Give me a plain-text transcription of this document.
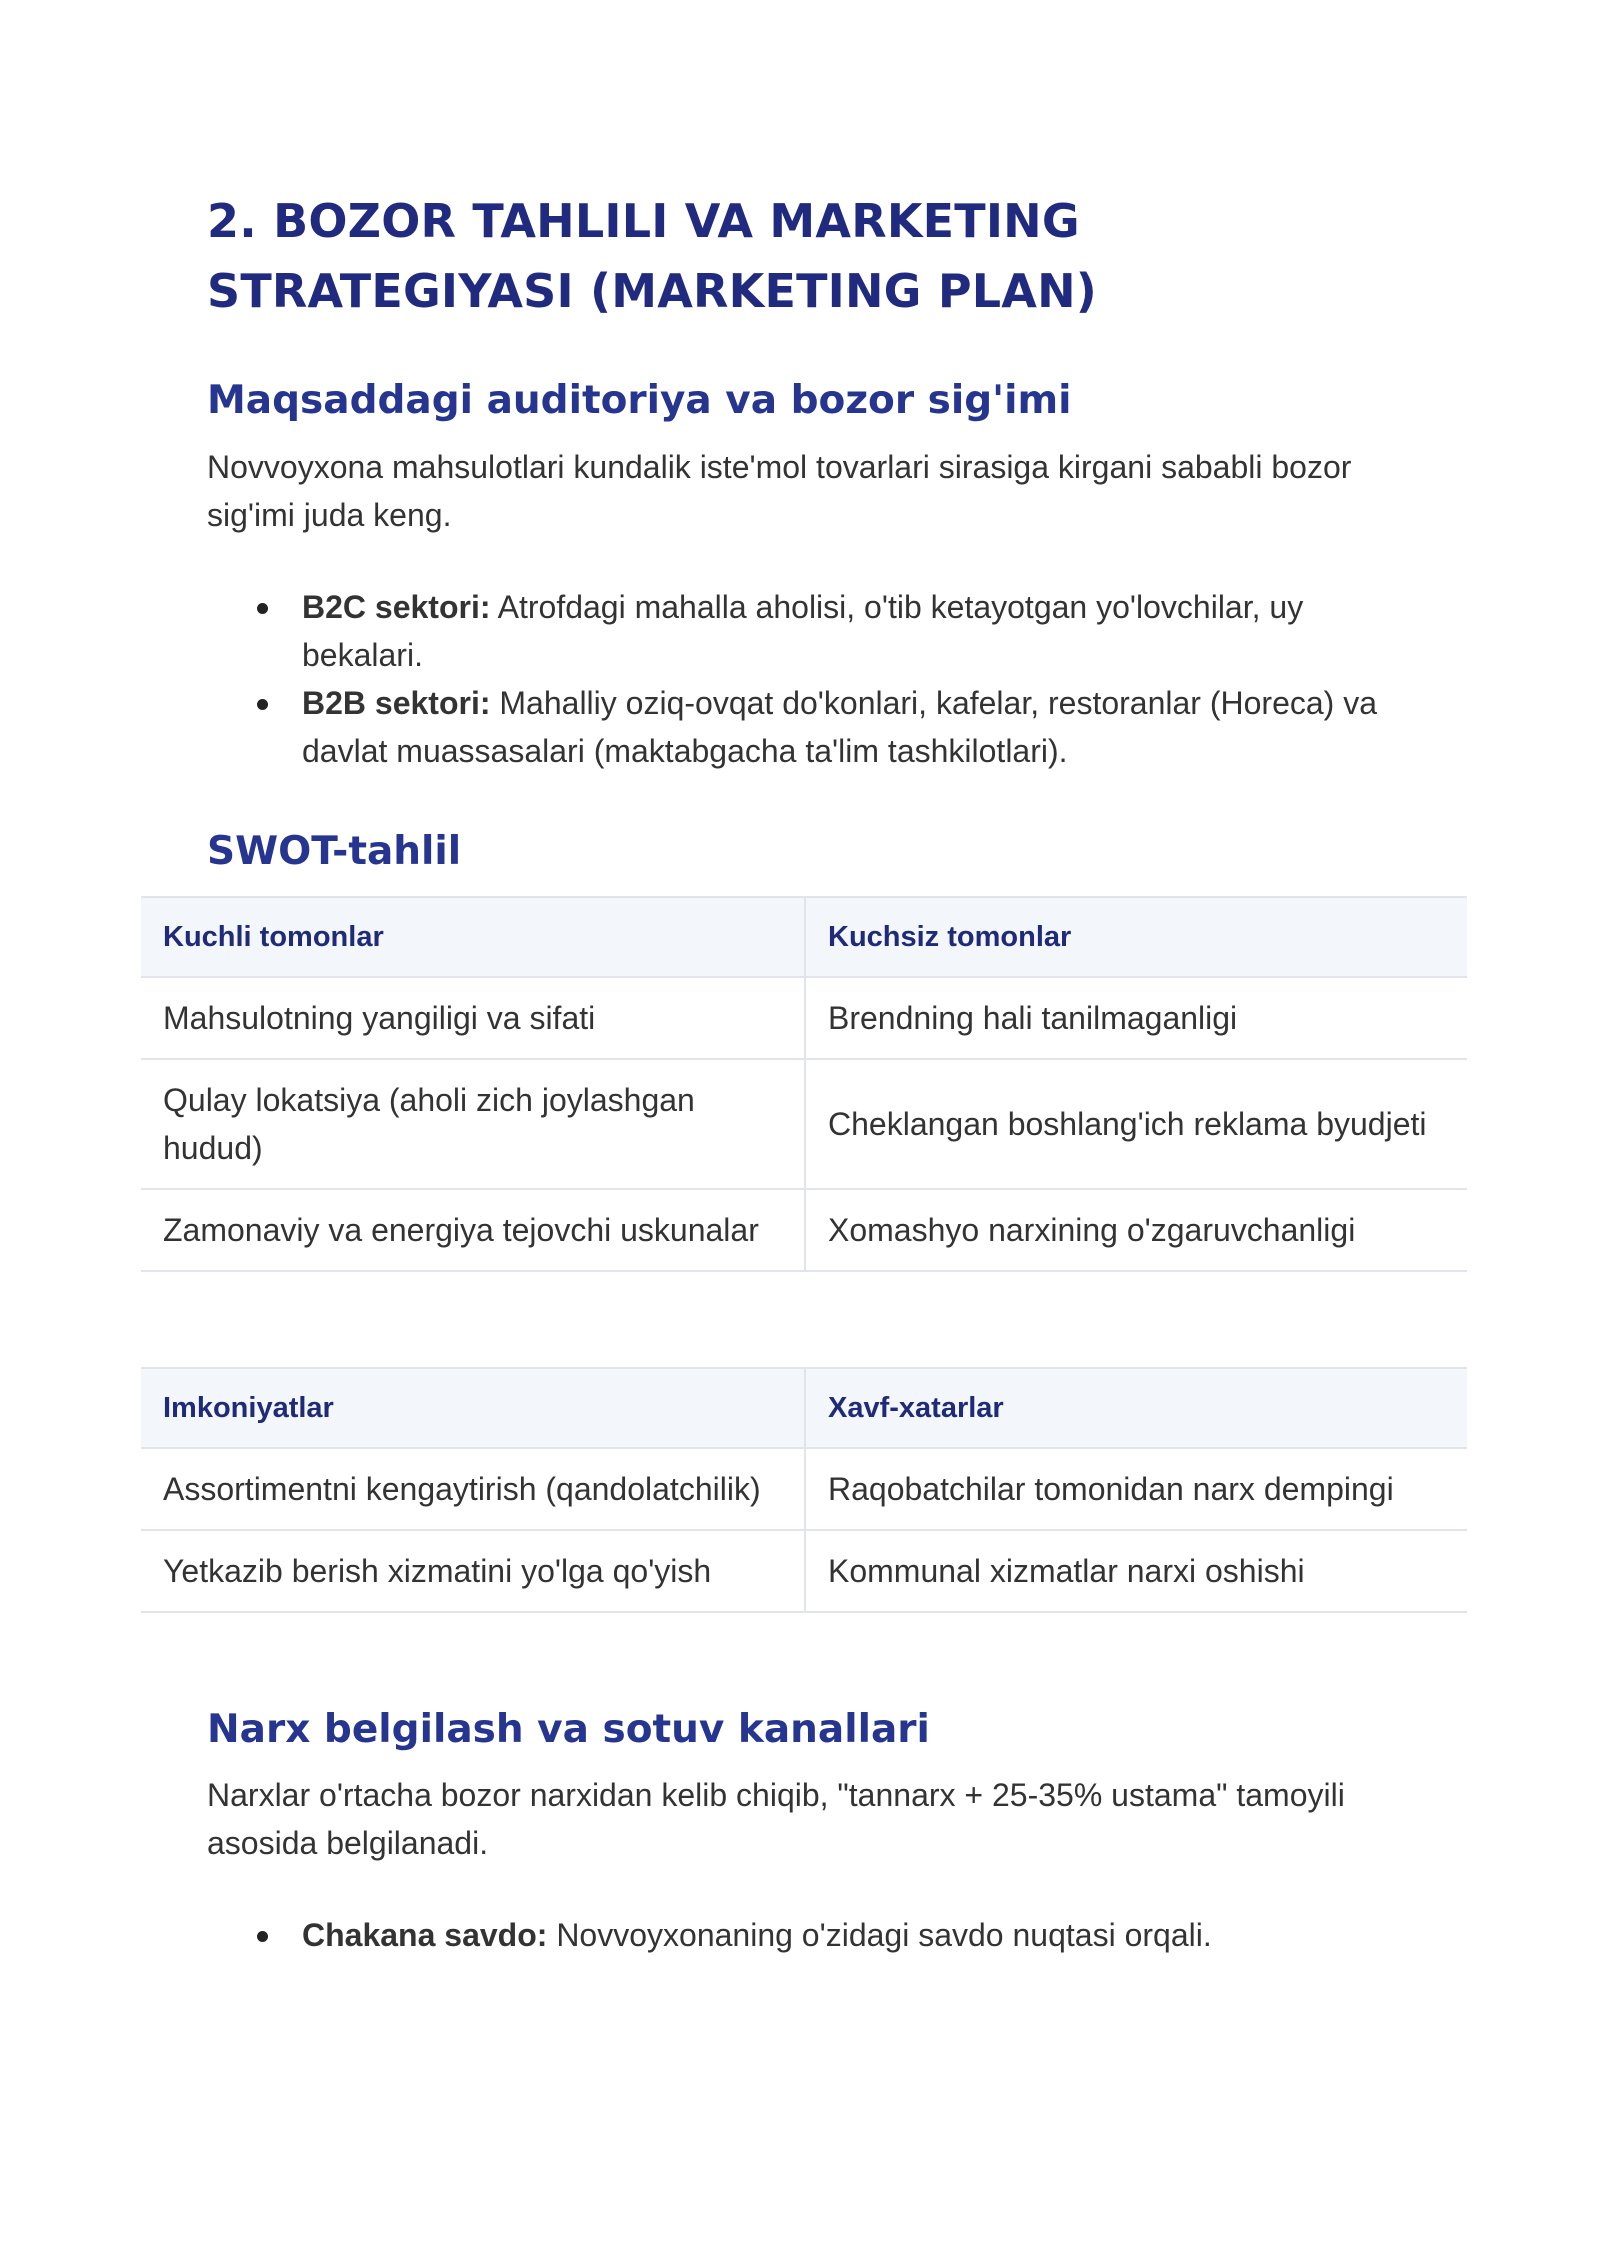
2. BOZOR TAHLILI VA MARKETING
STRATEGIYASI (MARKETING PLAN)
Maqsaddagi auditoriya va bozor sig'imi

Novvoyxona mahsulotlari kundalik iste'mol tovarlari sirasiga kirgani sababli bozor sig'imi juda keng.

B2C sektori: Atrofdagi mahalla aholisi, o'tib ketayotgan yo'lovchilar, uy bekalari.
B2B sektori: Mahalliy oziq-ovqat do'konlari, kafelar, restoranlar (Horeca) va davlat muassasalari (maktabgacha ta'lim tashkilotlari).
SWOT-tahlil
Kuchli tomonlar	Kuchsiz tomonlar
Mahsulotning yangiligi va sifati	Brendning hali tanilmaganligi
Qulay lokatsiya (aholi zich joylashgan hudud)	Cheklangan boshlang'ich reklama byudjeti
Zamonaviy va energiya tejovchi uskunalar	Xomashyo narxining o'zgaruvchanligi
Imkoniyatlar	Xavf-xatarlar
Assortimentni kengaytirish (qandolatchilik)	Raqobatchilar tomonidan narx dempingi
Yetkazib berish xizmatini yo'lga qo'yish	Kommunal xizmatlar narxi oshishi
Narx belgilash va sotuv kanallari

Narxlar o'rtacha bozor narxidan kelib chiqib, "tannarx + 25-35% ustama" tamoyili asosida belgilanadi.

Chakana savdo: Novvoyxonaning o'zidagi savdo nuqtasi orqali.
